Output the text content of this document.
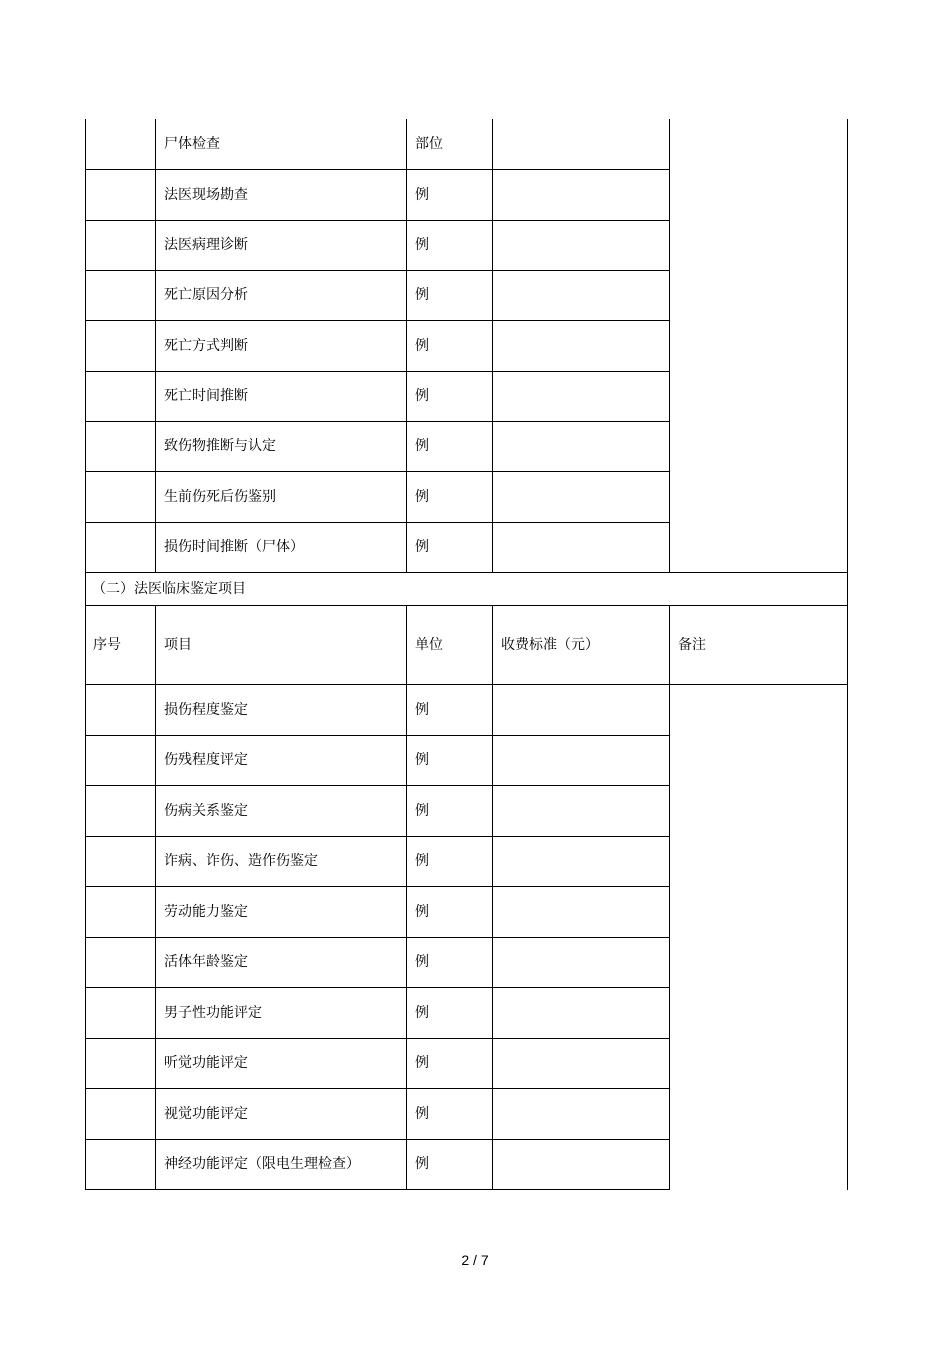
尸体检查	部位
法医现场勘查	例
法医病理诊断	例
死亡原因分析	例
死亡方式判断	例
死亡时间推断	例
致伤物推断与认定	例
生前伤死后伤鉴别	例
损伤时间推断（尸体）	例
（二）法医临床鉴定项目
序号	项目	单位	收费标准（元）	备注
损伤程度鉴定	例
伤残程度评定	例
伤病关系鉴定	例
诈病、诈伤、造作伤鉴定	例
劳动能力鉴定	例
活体年龄鉴定	例
男子性功能评定	例
听觉功能评定	例
视觉功能评定	例
神经功能评定（限电生理检查）	例
2 / 7
